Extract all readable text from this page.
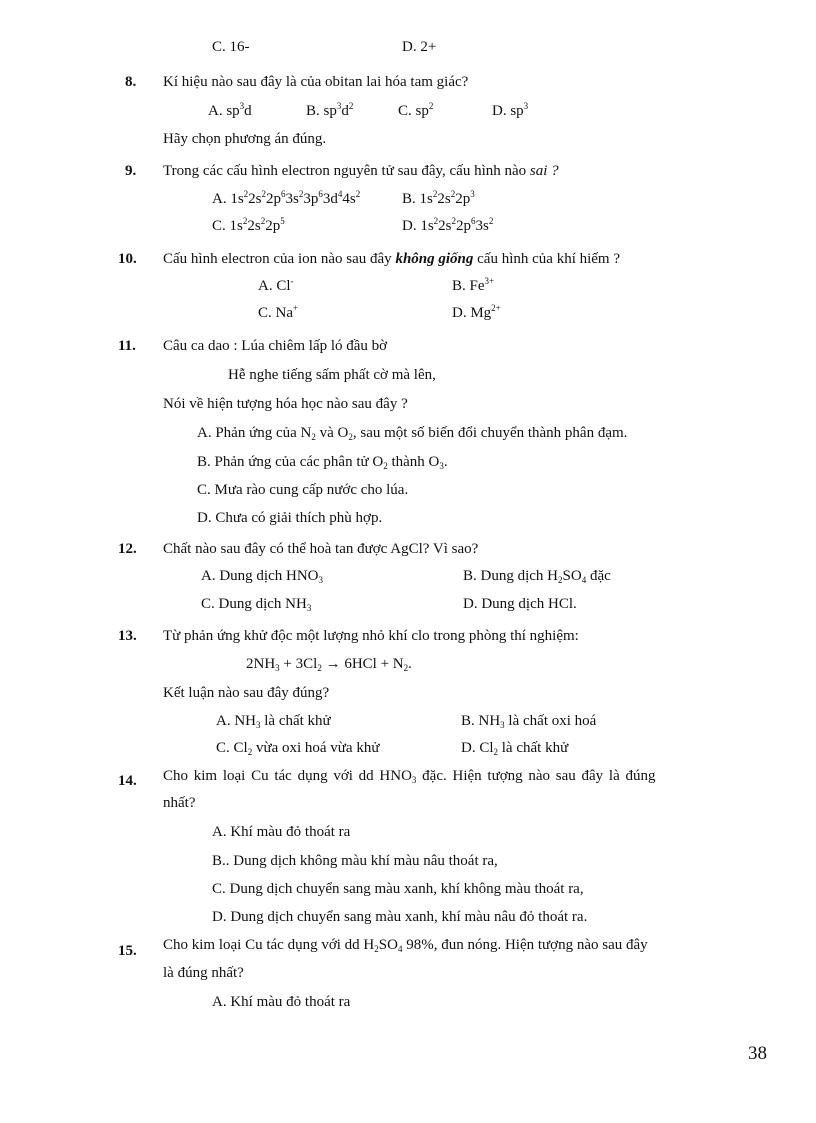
C. 16-	D. 2+
8. Kí hiệu nào sau đây là của obitan lai hóa tam giác?
A. $sp^3d$	B. $sp^3d^2$	C. $sp^2$	D. $sp^3$
Hãy chọn phương án đúng.
9. Trong các cấu hình electron nguyên tử sau đây, cấu hình nào sai ?
A. $1s^22s^22p^63s^23p^63d^44s^2$	B. $1s^22s^22p^3$
C. $1s^22s^22p^5$	D. $1s^22s^22p^63s^2$
10. Cấu hình electron của ion nào sau đây không giống cấu hình của khí hiếm ?
A. Cl-	B. $Fe^{3+}$
C. Na+	D. $Mg^{2+}$
11. Câu ca dao : Lúa chiêm lấp ló đầu bờ
Hễ nghe tiếng sấm phất cờ mà lên,
Nói về hiện tượng hóa học nào sau đây ?
A. Phản ứng của $N_2$ và $O_2$, sau một số biến đổi chuyển thành phân đạm.
B. Phản ứng của các phân tử $O_2$ thành $O_3$.
C. Mưa rào cung cấp nước cho lúa.
D. Chưa có giải thích phù hợp.
12. Chất nào sau đây có thể hoà tan được AgCl? Vì sao?
A. Dung dịch $HNO_3$	B. Dung dịch $H_2SO_4$ đặc
C. Dung dịch $NH_3$	D. Dung dịch HCl.
13. Từ phản ứng khử độc một lượng nhỏ khí clo trong phòng thí nghiệm:
$2NH_3 + 3Cl_2 \to 6HCl + N_2$.
Kết luận nào sau đây đúng?
A. $NH_3$ là chất khử	B. $NH_3$ là chất oxi hoá
C. $Cl_2$ vừa oxi hoá vừa khử	D. $Cl_2$ là chất khử
14. Cho kim loại Cu tác dụng với dd $HNO_3$ đặc. Hiện tượng nào sau đây là đúng
nhất?
A. Khí màu đỏ thoát ra
B.. Dung dịch không màu khí màu nâu thoát ra,
C. Dung dịch chuyển sang màu xanh, khí không màu thoát ra,
D. Dung dịch chuyển sang màu xanh, khí màu nâu đỏ thoát ra.
15. Cho kim loại Cu tác dụng với dd $H_2SO_4$ 98%, đun nóng. Hiện tượng nào sau đây
là đúng nhất?
A. Khí màu đỏ thoát ra
38
